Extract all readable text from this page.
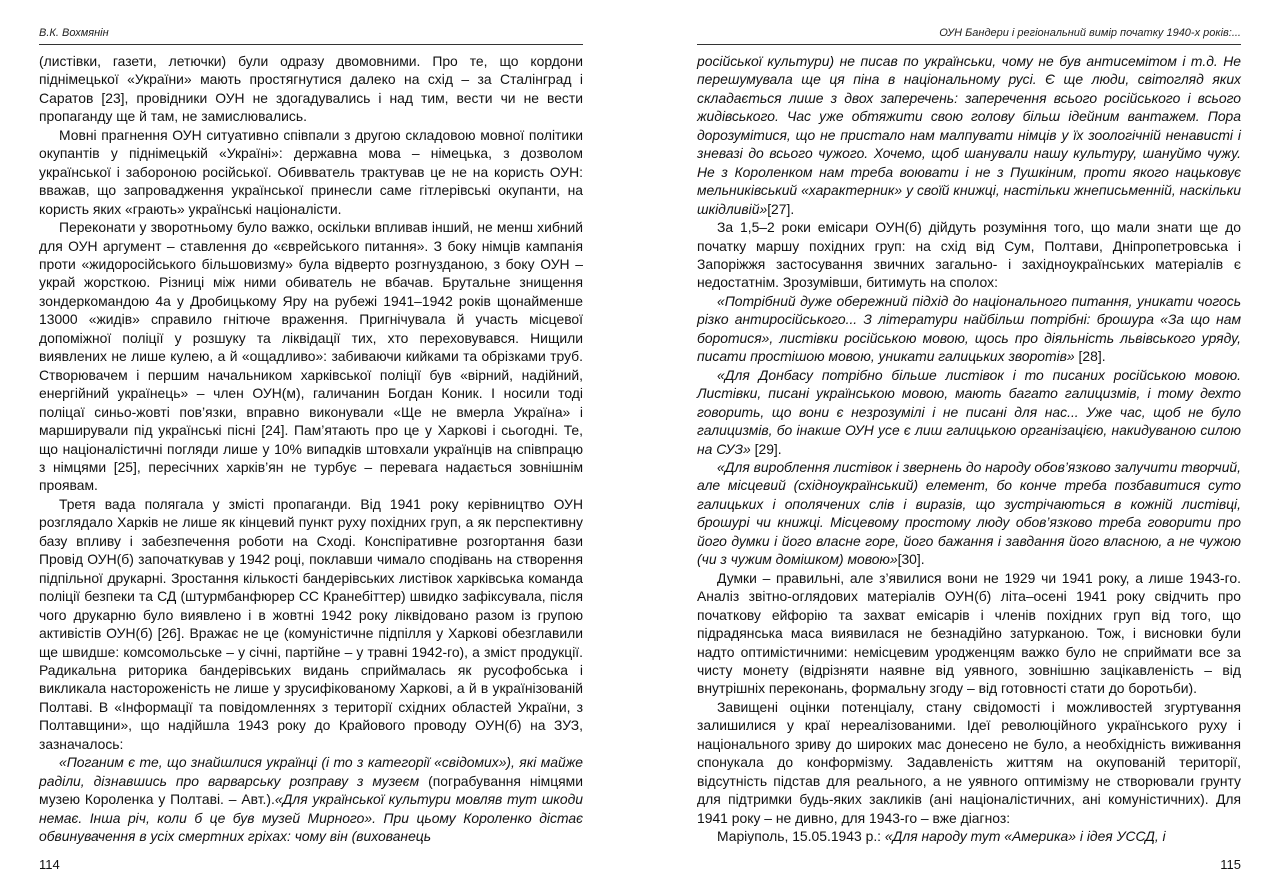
В.К. Вохмянін

(листівки, газети, летючки) були одразу двомовними. Про те, що кордони піднімецької «України» мають простягнутися далеко на схід – за Сталінград і Саратов [23], провідники ОУН не здогадувались і над тим, вести чи не вести пропаганду ще й там, не замислювались.

Мовні прагнення ОУН ситуативно співпали з другою складовою мовної політики окупантів у піднімецькій «Україні»: державна мова – німецька, з дозволом української і забороною російської. Обивватель трактував це не на користь ОУН: вважав, що запровадження української принесли саме гітлерівські окупанти, на користь яких «грають» українські націоналісти.

Переконати у зворотньому було важко, оскільки впливав інший, не менш хибний для ОУН аргумент – ставлення до «єврейського питання». З боку німців кампанія проти «жидоросійського більшовизму» була відверто розгнузданою, з боку ОУН – украй жорсткою. Різниці між ними обиватель не вбачав. Брутальне знищення зондеркомандою 4а у Дробицькому Яру на рубежі 1941–1942 років щонайменше 13000 «жидів» справило гнітюче враження. Пригнічувала й участь місцевої допоміжної поліції у розшуку та ліквідації тих, хто переховувався. Нищили виявлених не лише кулею, а й «ощадливо»: забиваючи кийками та обрізками труб. Створювачем і першим начальником харківської поліції був «вірний, надійний, енергійний українець» – член ОУН(м), галичанин Богдан Коник. І носили тоді поліцаї синьо-жовті пов’язки, вправно виконували «Ще не вмерла Україна» і марширували під українські пісні [24]. Пам’ятають про це у Харкові і сьогодні. Те, що націоналістичні погляди лише у 10% випадків штовхали українців на співпрацю з німцями [25], пересічних харків’ян не турбує – перевага надається зовнішнім проявам.

Третя вада полягала у змісті пропаганди. Від 1941 року керівництво ОУН розглядало Харків не лише як кінцевий пункт руху похідних груп, а як перспективну базу впливу і забезпечення роботи на Сході. Конспіративне розгортання бази Провід ОУН(б) започаткував у 1942 році, поклавши чимало сподівань на створення підпільної друкарні. Зростання кількості бандерівських листівок харківська команда поліції безпеки та СД (штурмбанфюрер СС Кранебіттер) швидко зафіксувала, після чого друкарню було виявлено і в жовтні 1942 року ліквідовано разом із групою активістів ОУН(б) [26]. Вражає не це (комуністичне підпілля у Харкові обезглавили ще швидше: комсомольське – у січні, партійне – у травні 1942-го), а зміст продукції. Радикальна риторика бандерівських видань сприймалась як русофобська і викликала настороженість не лише у зрусифікованому Харкові, а й в українізованій Полтаві. В «Інформації та повідомленнях з території східних областей України, з Полтавщини», що надійшла 1943 року до Крайового проводу ОУН(б) на ЗУЗ, зазначалось:

«Поганим є те, що знайшлися українці (і то з категорії «свідомих»), які майже раділи, дізнавшись про варварську розправу з музеєм (пограбування німцями музею Короленка у Полтаві. – Авт.).«Для української культури мовляв тут шкоди немає. Інша річ, коли б це був музей Мирного». При цьому Короленко дістає обвинувачення в усіх смертних гріхах: чому він (вихованець

114
ОУН Бандери і регіональний вимір початку 1940-х років:...

російської культури) не писав по українськи, чому не був антисемітом і т.д. Не перешумувала ще ця піна в національному русі. Є ще люди, світогляд яких складається лише з двох заперечень: заперечення всього російського і всього жидівського. Час уже обтяжити свою голову більш ідейним вантажем. Пора дорозумітися, що не пристало нам малпувати німців у їх зоологічній ненависті і зневазі до всього чужого. Хочемо, щоб шанували нашу культуру, шануймо чужу. Не з Короленком нам треба воювати і не з Пушкіним, проти якого нацьковує мельниківський «характерник» у своїй книжці, настільки жнеписьменній, наскільки шкідливій»[27].

За 1,5–2 роки емісари ОУН(б) дійдуть розуміння того, що мали знати ще до початку маршу похідних груп: на схід від Сум, Полтави, Дніпропетровська і Запоріжжя застосування звичних загально- і західноукраїнських матеріалів є недостатнім. Зрозумівши, битимуть на сполох:

«Потрібний дуже обережний підхід до національного питання, уникати чогось різко антиросійського... З літератури найбільш потрібні: брошура «За що нам боротися», листівки російською мовою, щось про діяльність львівського уряду, писати простішою мовою, уникати галицьких зворотів» [28].

«Для Донбасу потрібно більше листівок і то писаних російською мовою. Листівки, писані українською мовою, мають багато галицизмів, і тому дехто говорить, що вони є незрозумілі і не писані для нас... Уже час, щоб не було галицизмів, бо інакше ОУН усе є лиш галицькою організацією, накидуваною силою на СУЗ» [29].

«Для вироблення листівок і звернень до народу обов’язково залучити творчий, але місцевий (східноукраїнський) елемент, бо конче треба позбавитися суто галицьких і ополячених слів і виразів, що зустрічаються в кожній листівці, брошурі чи книжці. Місцевому простому люду обов’язково треба говорити про його думки і його власне горе, його бажання і завдання його власною, а не чужою (чи з чужим домішком) мовою»[30].

Думки – правильні, але з’явилися вони не 1929 чи 1941 року, а лише 1943-го. Аналіз звітно-оглядових матеріалів ОУН(б) літа–осені 1941 року свідчить про початкову ейфорію та захват емісарів і членів похідних груп від того, що підрадянська маса виявилася не безнадійно затурканою. Тож, і висновки були надто оптимістичними: немісцевим уродженцям важко було не сприймати все за чисту монету (відрізняти наявне від уявного, зовнішню зацікавленість – від внутрішніх переконань, формальну згоду – від готовності стати до боротьби).

Завищені оцінки потенціалу, стану свідомості і можливостей згуртування залишилися у краї нереалізованими. Ідеї революційного українського руху і національного зриву до широких мас донесено не було, а необхідність виживання спонукала до конформізму. Задавленість життям на окупованій території, відсутність підстав для реального, а не уявного оптимізму не створювали грунту для підтримки будь-яких закликів (ані націоналістичних, ані комуністичних). Для 1941 року – не дивно, для 1943-го – вже діагноз:

Маріуполь, 15.05.1943 р.: «Для народу тут «Америка» і ідея УССД, і

115
